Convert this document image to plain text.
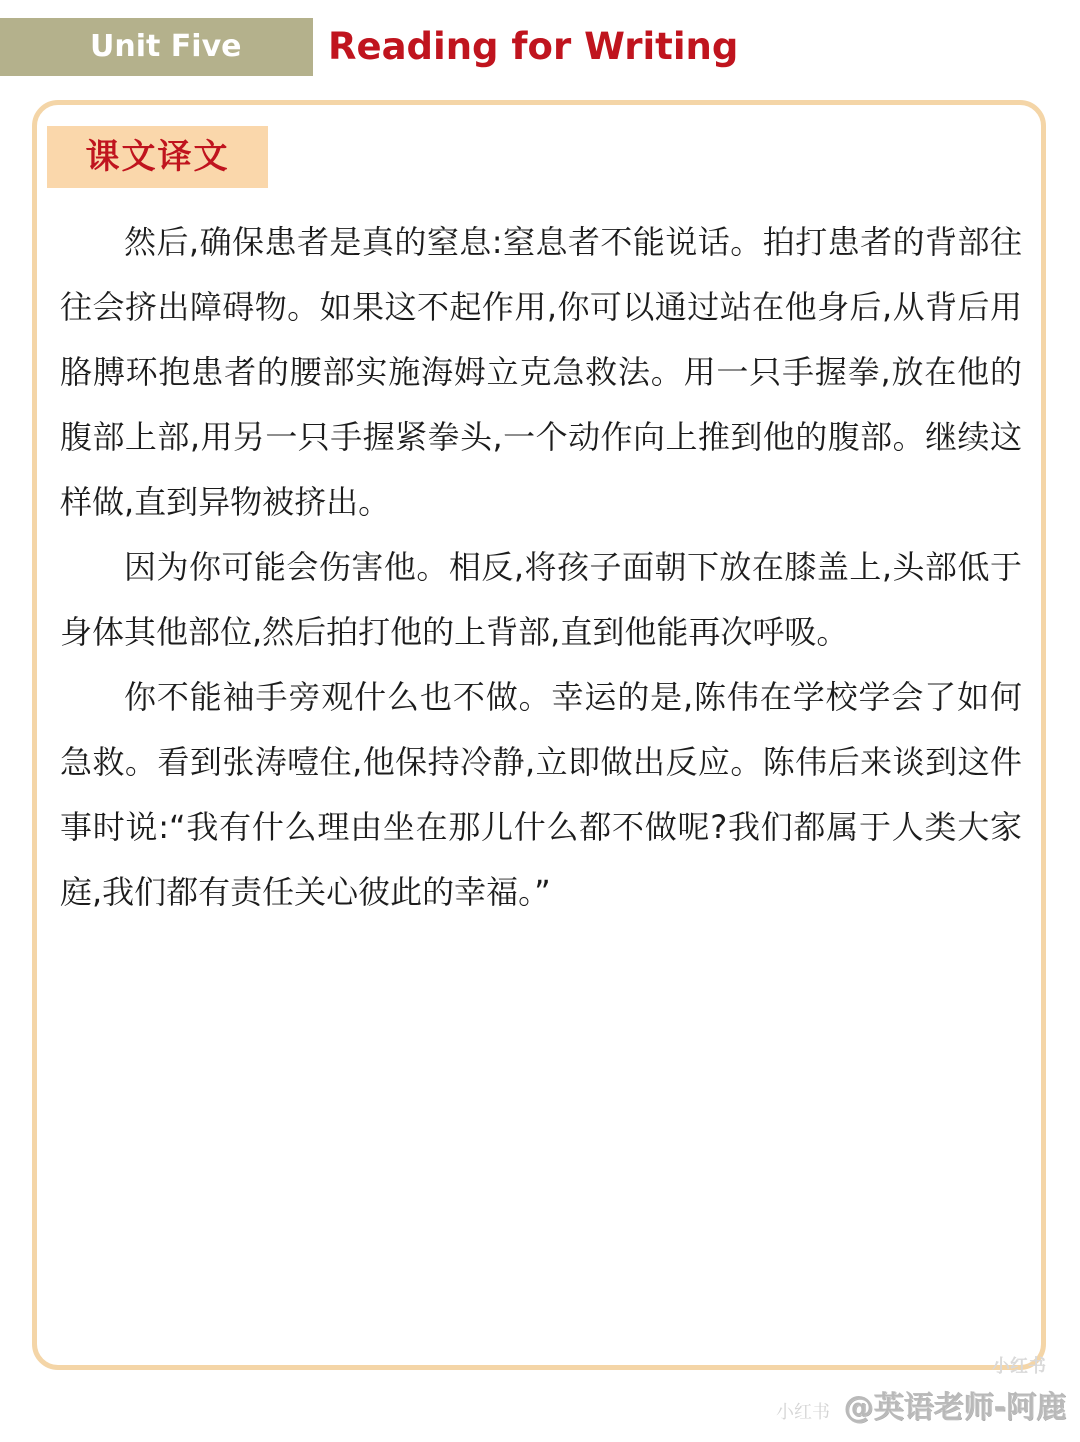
Unit Five	Reading for Writing
课文译文

然后,确保患者是真的窒息:窒息者不能说话。拍打患者的背部往往会挤出障碍物。如果这不起作用,你可以通过站在他身后,从背后用胳膊环抱患者的腰部实施海姆立克急救法。用一只手握拳,放在他的腹部上部,用另一只手握紧拳头,一个动作向上推到他的腹部。继续这样做,直到异物被挤出。

因为你可能会伤害他。相反,将孩子面朝下放在膝盖上,头部低于身体其他部位,然后拍打他的上背部,直到他能再次呼吸。

你不能袖手旁观什么也不做。幸运的是,陈伟在学校学会了如何急救。看到张涛噎住,他保持冷静,立即做出反应。陈伟后来谈到这件事时说:“我有什么理由坐在那儿什么都不做呢?我们都属于人类大家庭,我们都有责任关心彼此的幸福。”

小红书
小红书 @英语老师-阿鹿
